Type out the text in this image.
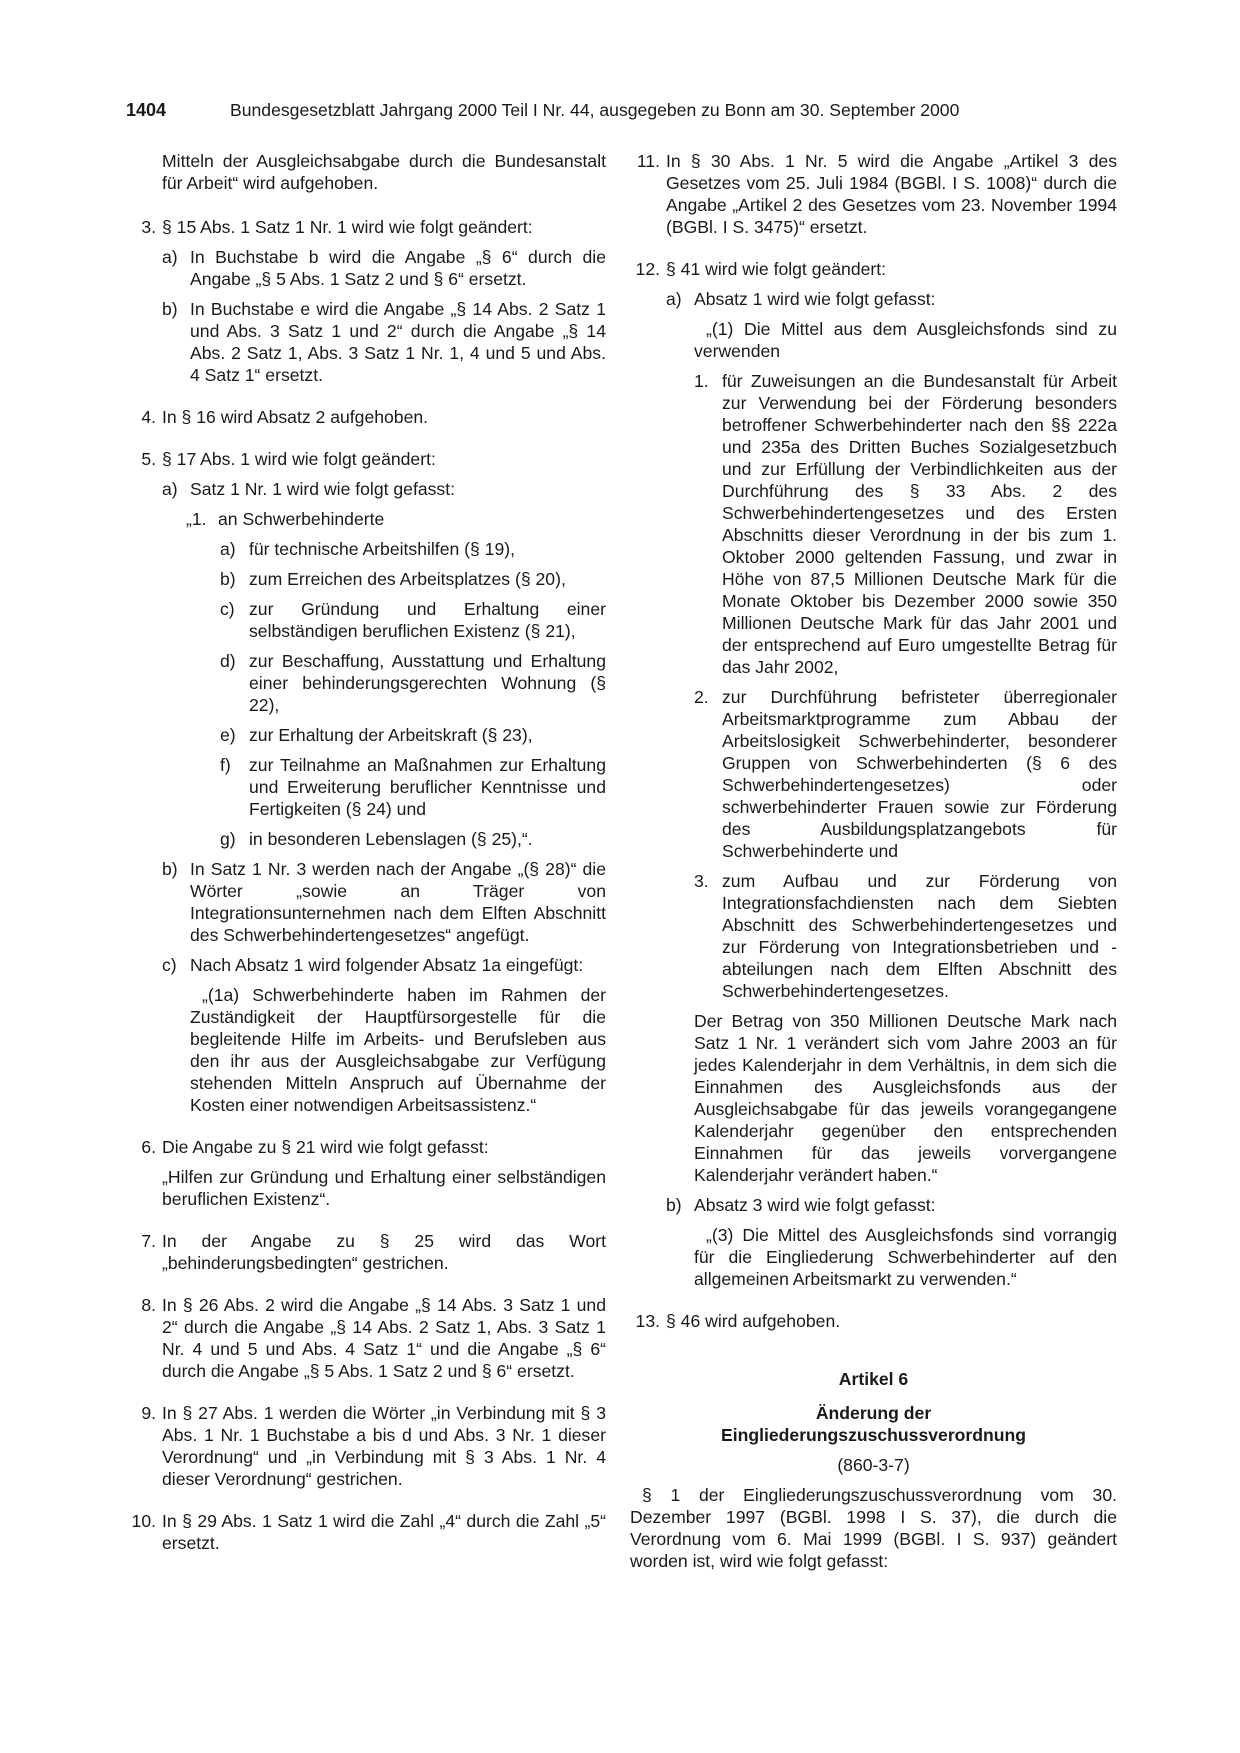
1404	Bundesgesetzblatt Jahrgang 2000 Teil I Nr. 44, ausgegeben zu Bonn am 30. September 2000

Mitteln der Ausgleichsabgabe durch die Bundesanstalt für Arbeit“ wird aufgehoben.

3. § 15 Abs. 1 Satz 1 Nr. 1 wird wie folgt geändert:

a) In Buchstabe b wird die Angabe „§ 6“ durch die Angabe „§ 5 Abs. 1 Satz 2 und § 6“ ersetzt.

b) In Buchstabe e wird die Angabe „§ 14 Abs. 2 Satz 1 und Abs. 3 Satz 1 und 2“ durch die Angabe „§ 14 Abs. 2 Satz 1, Abs. 3 Satz 1 Nr. 1, 4 und 5 und Abs. 4 Satz 1“ ersetzt.

4. In § 16 wird Absatz 2 aufgehoben.

5. § 17 Abs. 1 wird wie folgt geändert:

a) Satz 1 Nr. 1 wird wie folgt gefasst:

„1. an Schwerbehinderte

a) für technische Arbeitshilfen (§ 19),

b) zum Erreichen des Arbeitsplatzes (§ 20),

c) zur Gründung und Erhaltung einer selbständigen beruflichen Existenz (§ 21),

d) zur Beschaffung, Ausstattung und Erhaltung einer behinderungsgerechten Wohnung (§ 22),

e) zur Erhaltung der Arbeitskraft (§ 23),

f) zur Teilnahme an Maßnahmen zur Erhaltung und Erweiterung beruflicher Kenntnisse und Fertigkeiten (§ 24) und

g) in besonderen Lebenslagen (§ 25),“.

b) In Satz 1 Nr. 3 werden nach der Angabe „(§ 28)“ die Wörter „sowie an Träger von Integrationsunternehmen nach dem Elften Abschnitt des Schwerbehindertengesetzes“ angefügt.

c) Nach Absatz 1 wird folgender Absatz 1a eingefügt:

„(1a) Schwerbehinderte haben im Rahmen der Zuständigkeit der Hauptfürsorgestelle für die begleitende Hilfe im Arbeits- und Berufsleben aus den ihr aus der Ausgleichsabgabe zur Verfügung stehenden Mitteln Anspruch auf Übernahme der Kosten einer notwendigen Arbeitsassistenz.“

6. Die Angabe zu § 21 wird wie folgt gefasst:

„Hilfen zur Gründung und Erhaltung einer selbständigen beruflichen Existenz“.

7. In der Angabe zu § 25 wird das Wort „behinderungsbedingten“ gestrichen.

8. In § 26 Abs. 2 wird die Angabe „§ 14 Abs. 3 Satz 1 und 2“ durch die Angabe „§ 14 Abs. 2 Satz 1, Abs. 3 Satz 1 Nr. 4 und 5 und Abs. 4 Satz 1“ und die Angabe „§ 6“ durch die Angabe „§ 5 Abs. 1 Satz 2 und § 6“ ersetzt.

9. In § 27 Abs. 1 werden die Wörter „in Verbindung mit § 3 Abs. 1 Nr. 1 Buchstabe a bis d und Abs. 3 Nr. 1 dieser Verordnung“ und „in Verbindung mit § 3 Abs. 1 Nr. 4 dieser Verordnung“ gestrichen.

10. In § 29 Abs. 1 Satz 1 wird die Zahl „4“ durch die Zahl „5“ ersetzt.

11. In § 30 Abs. 1 Nr. 5 wird die Angabe „Artikel 3 des Gesetzes vom 25. Juli 1984 (BGBl. I S. 1008)“ durch die Angabe „Artikel 2 des Gesetzes vom 23. November 1994 (BGBl. I S. 3475)“ ersetzt.

12. § 41 wird wie folgt geändert:

a) Absatz 1 wird wie folgt gefasst:

„(1) Die Mittel aus dem Ausgleichsfonds sind zu verwenden

1. für Zuweisungen an die Bundesanstalt für Arbeit zur Verwendung bei der Förderung besonders betroffener Schwerbehinderter nach den §§ 222a und 235a des Dritten Buches Sozialgesetzbuch und zur Erfüllung der Verbindlichkeiten aus der Durchführung des § 33 Abs. 2 des Schwerbehindertengesetzes und des Ersten Abschnitts dieser Verordnung in der bis zum 1. Oktober 2000 geltenden Fassung, und zwar in Höhe von 87,5 Millionen Deutsche Mark für die Monate Oktober bis Dezember 2000 sowie 350 Millionen Deutsche Mark für das Jahr 2001 und der entsprechend auf Euro umgestellte Betrag für das Jahr 2002,

2. zur Durchführung befristeter überregionaler Arbeitsmarktprogramme zum Abbau der Arbeitslosigkeit Schwerbehinderter, besonderer Gruppen von Schwerbehinderten (§ 6 des Schwerbehindertengesetzes) oder schwerbehinderter Frauen sowie zur Förderung des Ausbildungsplatzangebots für Schwerbehinderte und

3. zum Aufbau und zur Förderung von Integrationsfachdiensten nach dem Siebten Abschnitt des Schwerbehindertengesetzes und zur Förderung von Integrationsbetrieben und -abteilungen nach dem Elften Abschnitt des Schwerbehindertengesetzes.

Der Betrag von 350 Millionen Deutsche Mark nach Satz 1 Nr. 1 verändert sich vom Jahre 2003 an für jedes Kalenderjahr in dem Verhältnis, in dem sich die Einnahmen des Ausgleichsfonds aus der Ausgleichsabgabe für das jeweils vorangegangene Kalenderjahr gegenüber den entsprechenden Einnahmen für das jeweils vorvergangene Kalenderjahr verändert haben.“

b) Absatz 3 wird wie folgt gefasst:

„(3) Die Mittel des Ausgleichsfonds sind vorrangig für die Eingliederung Schwerbehinderter auf den allgemeinen Arbeitsmarkt zu verwenden.“

13. § 46 wird aufgehoben.

Artikel 6

Änderung der

Eingliederungszuschussverordnung

(860-3-7)

§ 1 der Eingliederungszuschussverordnung vom 30. Dezember 1997 (BGBl. 1998 I S. 37), die durch die Verordnung vom 6. Mai 1999 (BGBl. I S. 937) geändert worden ist, wird wie folgt gefasst:
